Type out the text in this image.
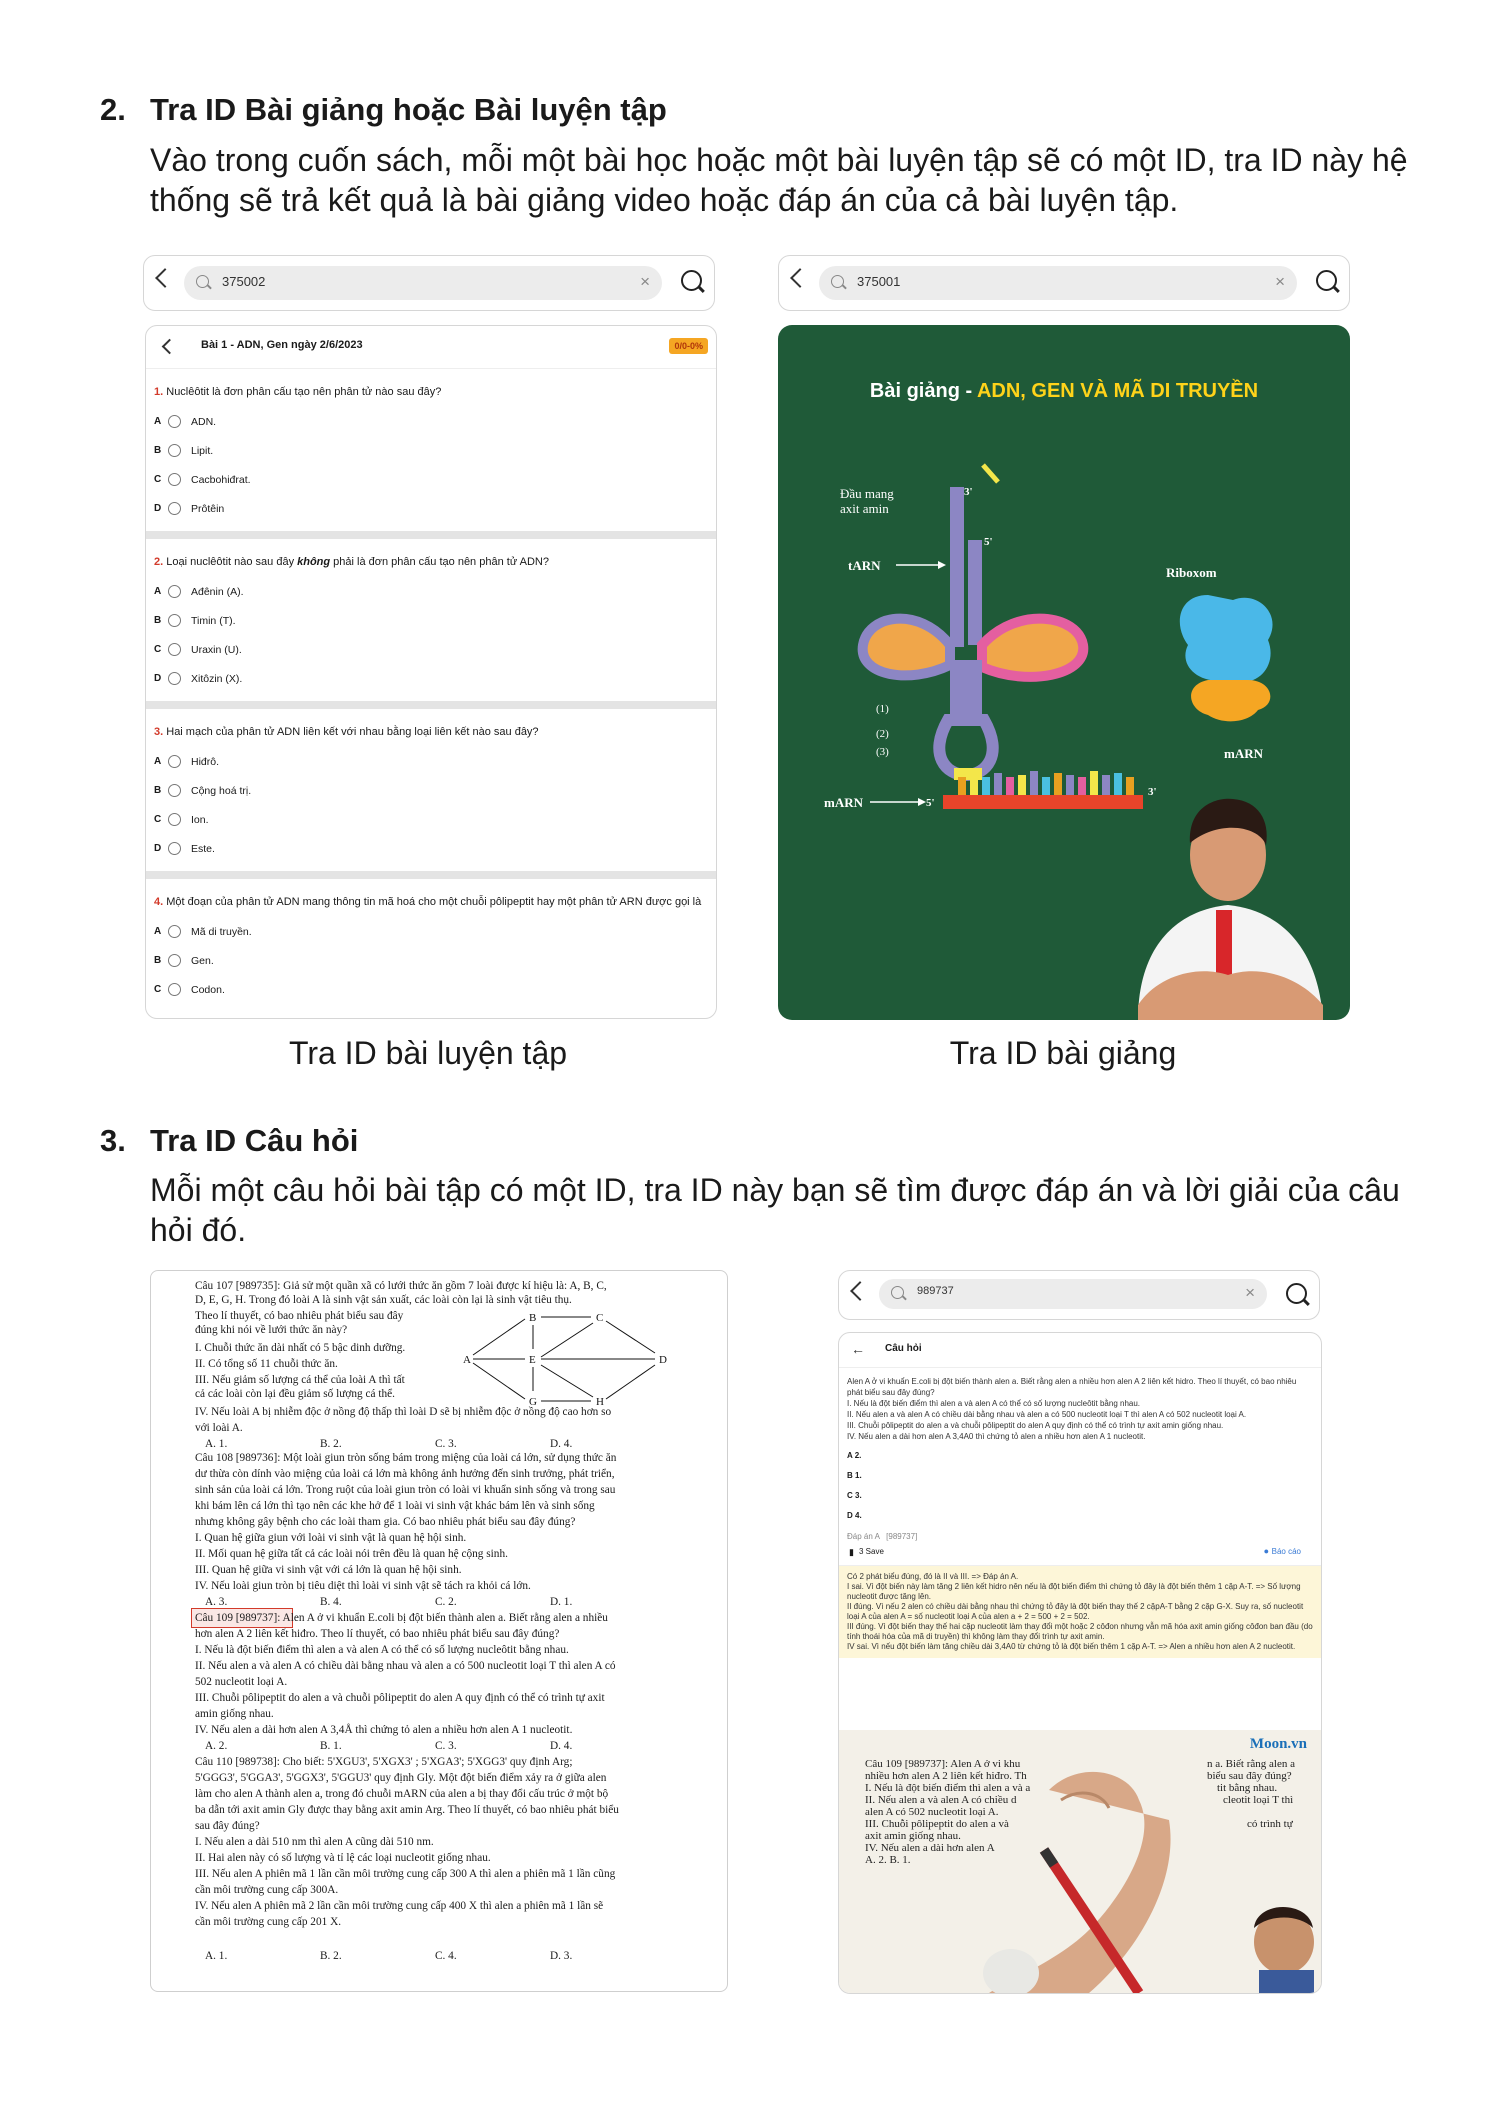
2. Tra ID Bài giảng hoặc Bài luyện tập
Vào trong cuốn sách, mỗi một bài học hoặc một bài luyện tập sẽ có một ID, tra ID này hệ thống sẽ trả kết quả là bài giảng video hoặc đáp án của cả bài luyện tập.
375002	×	375001	×
Bài 1 - ADN, Gen ngày 2/6/2023	0/0-0%
1. Nuclêôtit là đơn phân cấu tạo nên phân tử nào sau đây?
A	ADN.
B	Lipit.
C	Cacbohiđrat.
D	Prôtêin
2. Loại nuclêôtit nào sau đây không phải là đơn phân cấu tạo nên phân tử ADN?
A	Ađênin (A).
B	Timin (T).
C	Uraxin (U).
D	Xitôzin (X).
3. Hai mạch của phân tử ADN liên kết với nhau bằng loại liên kết nào sau đây?
A	Hiđrô.
B	Cộng hoá trị.
C	Ion.
D	Este.
4. Một đoạn của phân tử ADN mang thông tin mã hoá cho một chuỗi pôlipeptit hay một phân tử ARN được gọi là
A	Mã di truyền.
B	Gen.
C	Codon.
Bài giảng - ADN, GEN VÀ MÃ DI TRUYỀN
Đầu mang
axit amin
tARN	Riboxom
mARN
mARN
3'
5'
5'
3'
(1)
(2)
(3)
Tra ID bài luyện tập	Tra ID bài giảng
3. Tra ID Câu hỏi
Mỗi một câu hỏi bài tập có một ID, tra ID này bạn sẽ tìm được đáp án và lời giải của câu hỏi đó.
Câu 107 [989735]: Giả sử một quần xã có lưới thức ăn gồm 7 loài được kí hiệu là: A, B, C,
D, E, G, H. Trong đó loài A là sinh vật sản xuất, các loài còn lại là sinh vật tiêu thụ.
Theo lí thuyết, có bao nhiêu phát biểu sau đây
đúng khi nói về lưới thức ăn này?
I. Chuỗi thức ăn dài nhất có 5 bậc dinh dưỡng.
II. Có tổng số 11 chuỗi thức ăn.
III. Nếu giảm số lượng cá thể của loài A thì tất
cả các loài còn lại đều giảm số lượng cá thể.
A
B	C
D
E
G	H
IV. Nếu loài A bị nhiễm độc ở nồng độ thấp thì loài D sẽ bị nhiễm độc ở nồng độ cao hơn so
với loài A.
A. 1.	B. 2.	C. 3.	D. 4.
Câu 108 [989736]: Một loài giun tròn sống bám trong miệng của loài cá lớn, sử dụng thức ăn
dư thừa còn dính vào miệng của loài cá lớn mà không ảnh hưởng đến sinh trưởng, phát triển,
sinh sản của loài cá lớn. Trong ruột của loài giun tròn có loài vi khuẩn sinh sống và trong sau
khi bám lên cá lớn thì tạo nên các khe hở để 1 loài vi sinh vật khác bám lên và sinh sống
nhưng không gây bệnh cho các loài tham gia. Có bao nhiêu phát biểu sau đây đúng?
I. Quan hệ giữa giun với loài vi sinh vật là quan hệ hội sinh.
II. Mối quan hệ giữa tất cả các loài nói trên đều là quan hệ cộng sinh.
III. Quan hệ giữa vi sinh vật với cá lớn là quan hệ hội sinh.
IV. Nếu loài giun tròn bị tiêu diệt thì loài vi sinh vật sẽ tách ra khỏi cá lớn.
A. 3.	B. 4.	C. 2.	D. 1.
Câu 109 [989737]: Alen A ở vi khuẩn E.coli bị đột biến thành alen a. Biết rằng alen a nhiều
hơn alen A 2 liên kết hiđro. Theo lí thuyết, có bao nhiêu phát biểu sau đây đúng?
I. Nếu là đột biến điểm thì alen a và alen A có thể có số lượng nucleôtit bằng nhau.
II. Nếu alen a và alen A có chiều dài bằng nhau và alen a có 500 nucleotit loại T thì alen A có
502 nucleotit loại A.
III. Chuỗi pôlipeptit do alen a và chuỗi pôlipeptit do alen A quy định có thể có trình tự axit
amin giống nhau.
IV. Nếu alen a dài hơn alen A 3,4Å thì chứng tỏ alen a nhiều hơn alen A 1 nucleotit.
A. 2.	B. 1.	C. 3.	D. 4.
Câu 110 [989738]: Cho biết: 5'XGU3', 5'XGX3' ; 5'XGA3'; 5'XGG3' quy định Arg;
5'GGG3', 5'GGA3', 5'GGX3', 5'GGU3' quy định Gly. Một đột biến điểm xảy ra ở giữa alen
làm cho alen A thành alen a, trong đó chuỗi mARN của alen a bị thay đổi cấu trúc ở một bộ
ba dẫn tới axit amin Gly được thay bằng axit amin Arg. Theo lí thuyết, có bao nhiêu phát biểu
sau đây đúng?
I. Nếu alen a dài 510 nm thì alen A cũng dài 510 nm.
II. Hai alen này có số lượng và tỉ lệ các loại nucleotit giống nhau.
III. Nếu alen A phiên mã 1 lần cần môi trường cung cấp 300 A thì alen a phiên mã 1 lần cũng
cần môi trường cung cấp 300A.
IV. Nếu alen A phiên mã 2 lần cần môi trường cung cấp 400 X thì alen a phiên mã 1 lần sẽ
cần môi trường cung cấp 201 X.
A. 1.	B. 2.	C. 4.	D. 3.
989737	×
← Câu hỏi
Alen A ở vi khuẩn E.coli bị đột biến thành alen a. Biết rằng alen a nhiều hơn alen A 2 liên kết hidro. Theo lí thuyết, có bao nhiêu phát biểu sau đây đúng?
I. Nếu là đột biến điểm thì alen a và alen A có thể có số lượng nucleôtit bằng nhau.
II. Nếu alen a và alen A có chiều dài bằng nhau và alen a có 500 nucleotit loại T thì alen A có 502 nucleotit loại A.
III. Chuỗi pôlipeptit do alen a và chuỗi pôlipeptit do alen A quy định có thể có trình tự axit amin giống nhau.
IV. Nếu alen a dài hơn alen A 3,4A0 thì chứng tỏ alen a nhiều hơn alen A 1 nucleotit.
A 2.
B 1.
C 3.
D 4.
Đáp án A [989737]
▮ 3 Save	● Báo cáo
Có 2 phát biểu đúng, đó là II và III. => Đáp án A.
I sai. Vì đột biến này làm tăng 2 liên kết hidro nên nếu là đột biến điểm thì chứng tỏ đây là đột biến thêm 1 cặp A-T. => Số lượng nucleotit được tăng lên.
II đúng. Vì nếu 2 alen có chiều dài bằng nhau thì chứng tỏ đây là đột biến thay thế 2 cặpA-T bằng 2 cặp G-X. Suy ra, số nucleotit loại A của alen A = số nucleotit loại A của alen a + 2 = 500 + 2 = 502.
III đúng. Vì đột biến thay thế hai cặp nucleotit làm thay đổi một hoặc 2 côđon nhưng vẫn mã hóa axit amin giống côđon ban đầu (do tính thoái hóa của mã di truyền) thì không làm thay đổi trình tự axit amin.
IV sai. Vì nếu đột biến làm tăng chiều dài 3,4A0 từ chứng tỏ là đột biến thêm 1 cặp A-T. => Alen a nhiều hơn alen A 2 nucleotit.
Moon.vn
Câu 109 [989737]: Alen A ở vi khu
nhiều hơn alen A 2 liên kết hiđro. Th
I. Nếu là đột biến điểm thì alen a và a
II. Nếu alen a và alen A có chiều d
alen A có 502 nucleotit loại A.
III. Chuỗi pôlipeptit do alen a và
axit amin giống nhau.
IV. Nếu alen a dài hơn alen A
A. 2. B. 1.
n a. Biết rằng alen a
biểu sau đây đúng?
tit bằng nhau.
cleotit loại T thì
có trình tự
